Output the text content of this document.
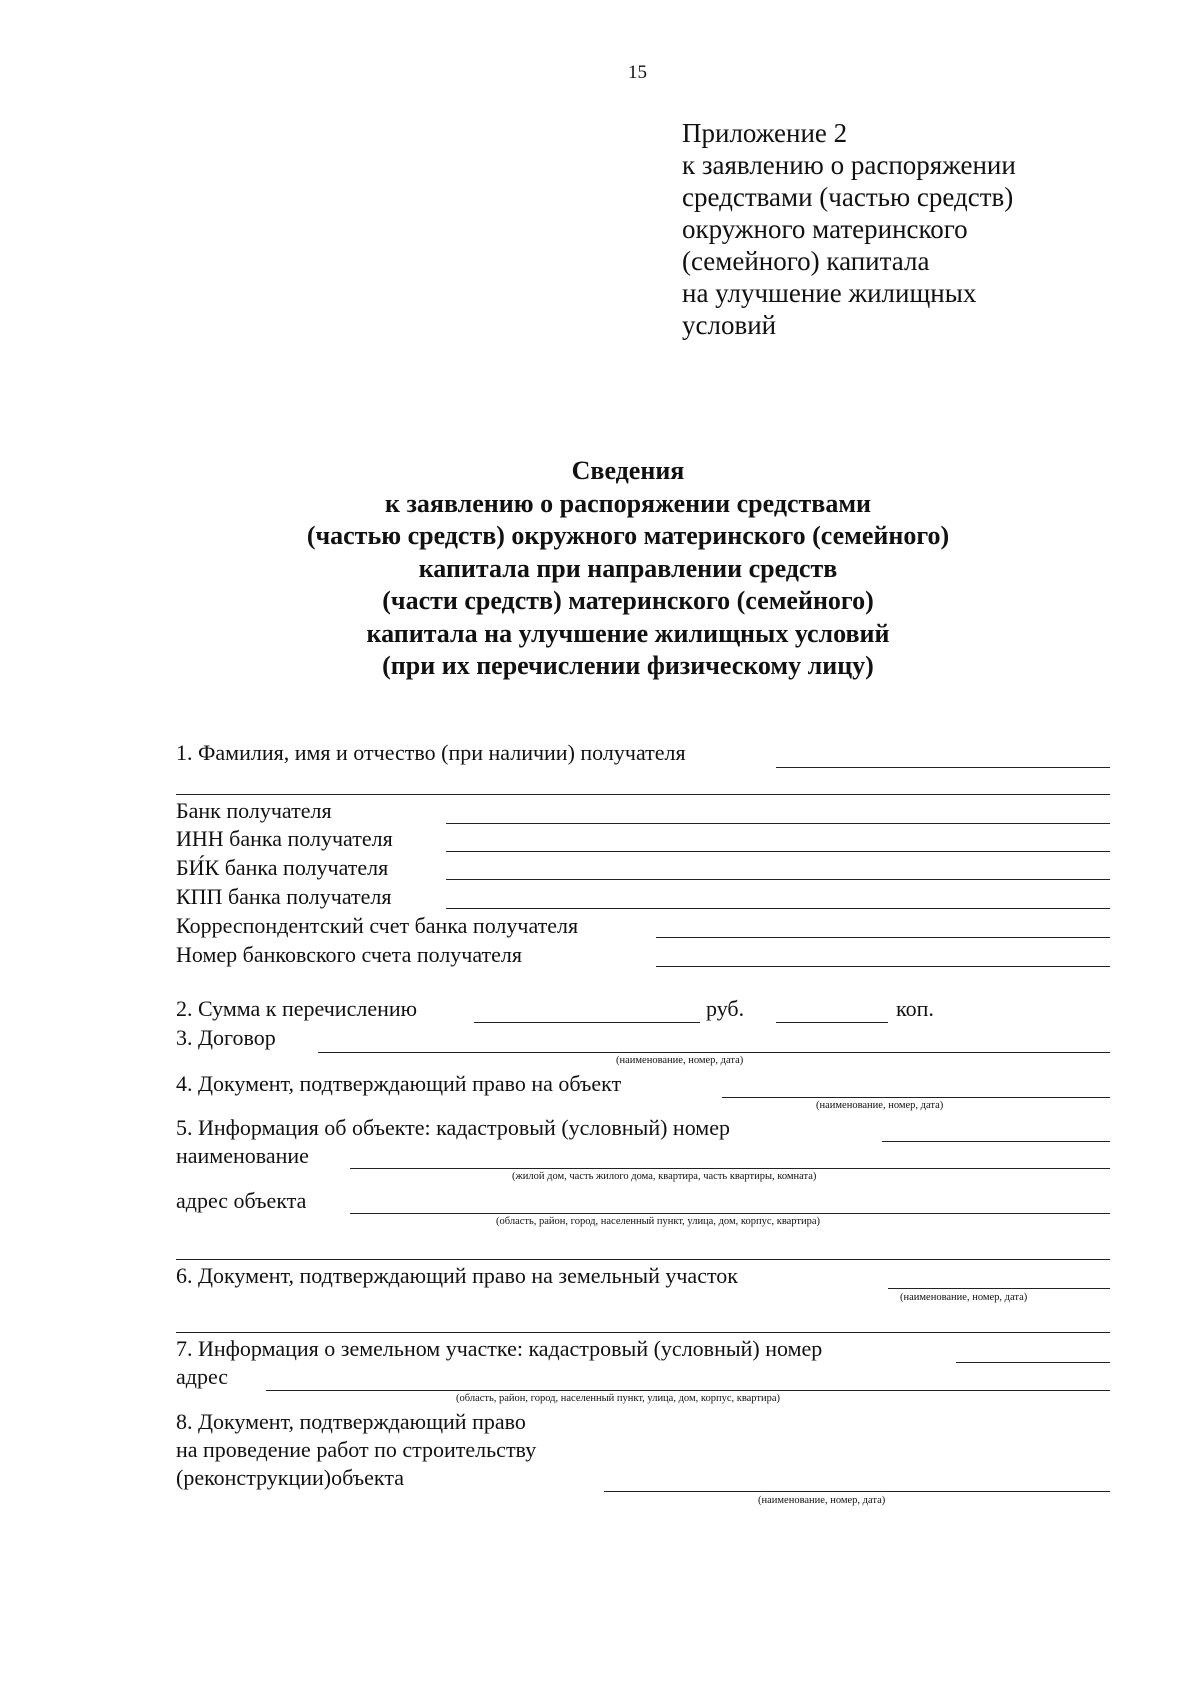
15
Приложение 2
к заявлению о распоряжении
средствами (частью средств)
окружного материнского
(семейного) капитала
на улучшение жилищных
условий
Сведения
к заявлению о распоряжении средствами
(частью средств) окружного материнского (семейного)
капитала при направлении средств
(части средств) материнского (семейного)
капитала на улучшение жилищных условий
(при их перечислении физическому лицу)
1. Фамилия, имя и отчество (при наличии) получателя
Банк получателя
ИНН банка получателя
БИ́К банка получателя
КПП банка получателя
Корреспондентский счет банка получателя
Номер банковского счета получателя
2. Сумма к перечислению	руб.	коп.
3. Договор
(наименование, номер, дата)
4. Документ, подтверждающий право на объект
(наименование, номер, дата)
5. Информация об объекте: кадастровый (условный) номер
наименование
(жилой дом, часть жилого дома, квартира, часть квартиры, комната)
адрес объекта
(область, район, город, населенный пункт, улица, дом, корпус, квартира)
6. Документ, подтверждающий право на земельный участок
(наименование, номер, дата)
7. Информация о земельном участке: кадастровый (условный) номер
адрес
(область, район, город, населенный пункт, улица, дом, корпус, квартира)
8. Документ, подтверждающий право
на проведение работ по строительству
(реконструкции)объекта
(наименование, номер, дата)
